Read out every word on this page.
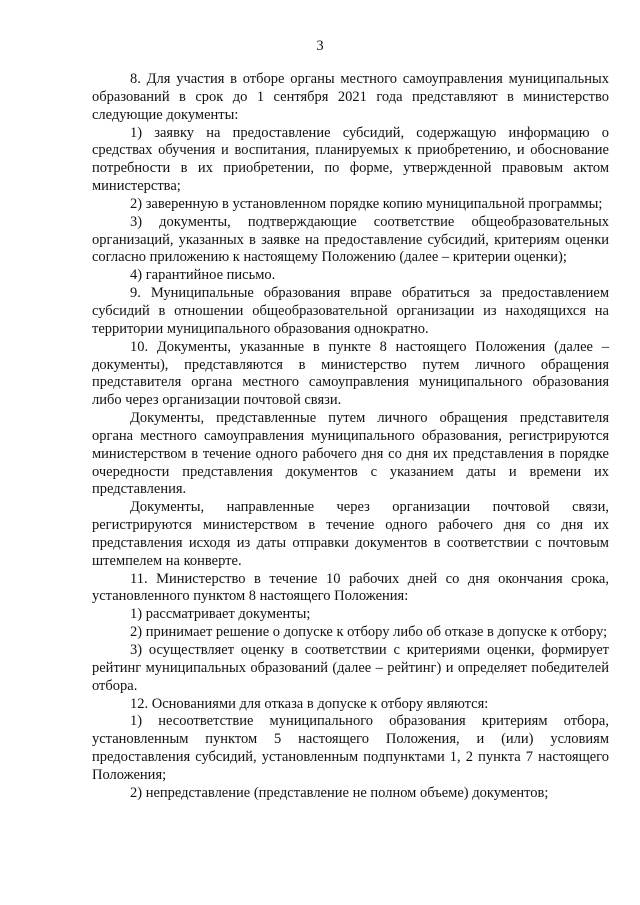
3

8. Для участия в отборе органы местного самоуправления муниципальных образований в срок до 1 сентября 2021 года представляют в министерство следующие документы:

1) заявку на предоставление субсидий, содержащую информацию о средствах обучения и воспитания, планируемых к приобретению, и обоснование потребности в их приобретении, по форме, утвержденной правовым актом министерства;

2) заверенную в установленном порядке копию муниципальной программы;

3) документы, подтверждающие соответствие общеобразовательных организаций, указанных в заявке на предоставление субсидий, критериям оценки согласно приложению к настоящему Положению (далее – критерии оценки);

4) гарантийное письмо.

9. Муниципальные образования вправе обратиться за предоставлением субсидий в отношении общеобразовательной организации из находящихся на территории муниципального образования однократно.

10. Документы, указанные в пункте 8 настоящего Положения (далее – документы), представляются в министерство путем личного обращения представителя органа местного самоуправления муниципального образования либо через организации почтовой связи.

Документы, представленные путем личного обращения представителя органа местного самоуправления муниципального образования, регистрируются министерством в течение одного рабочего дня со дня их представления в порядке очередности представления документов с указанием даты и времени их представления.

Документы, направленные через организации почтовой связи, регистрируются министерством в течение одного рабочего дня со дня их представления исходя из даты отправки документов в соответствии с почтовым штемпелем на конверте.

11. Министерство в течение 10 рабочих дней со дня окончания срока, установленного пунктом 8 настоящего Положения:

1) рассматривает документы;

2) принимает решение о допуске к отбору либо об отказе в допуске к отбору;

3) осуществляет оценку в соответствии с критериями оценки, формирует рейтинг муниципальных образований (далее – рейтинг) и определяет победителей отбора.

12. Основаниями для отказа в допуске к отбору являются:

1) несоответствие муниципального образования критериям отбора, установленным пунктом 5 настоящего Положения, и (или) условиям предоставления субсидий, установленным подпунктами 1, 2 пункта 7 настоящего Положения;

2) непредставление (представление не полном объеме) документов;
